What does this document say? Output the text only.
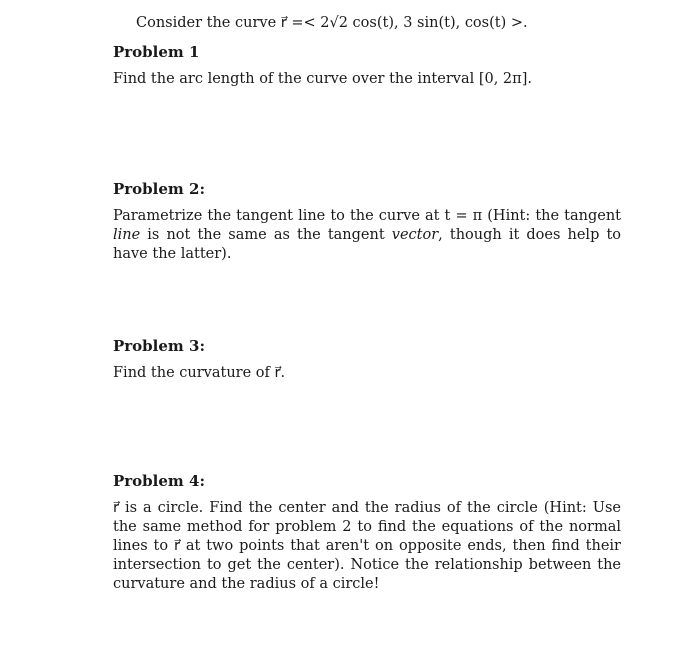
Consider the curve r⃗ =< 2√2 cos(t), 3 sin(t), cos(t) >.

Problem 1

Find the arc length of the curve over the interval [0, 2π].

Problem 2:

Parametrize the tangent line to the curve at t = π (Hint: the tangent line is not the same as the tangent vector, though it does help to have the latter).

Problem 3:

Find the curvature of r⃗.

Problem 4:

r⃗ is a circle. Find the center and the radius of the circle (Hint: Use the same method for problem 2 to find the equations of the normal lines to r⃗ at two points that aren't on opposite ends, then find their intersection to get the center). Notice the relationship between the curvature and the radius of a circle!
